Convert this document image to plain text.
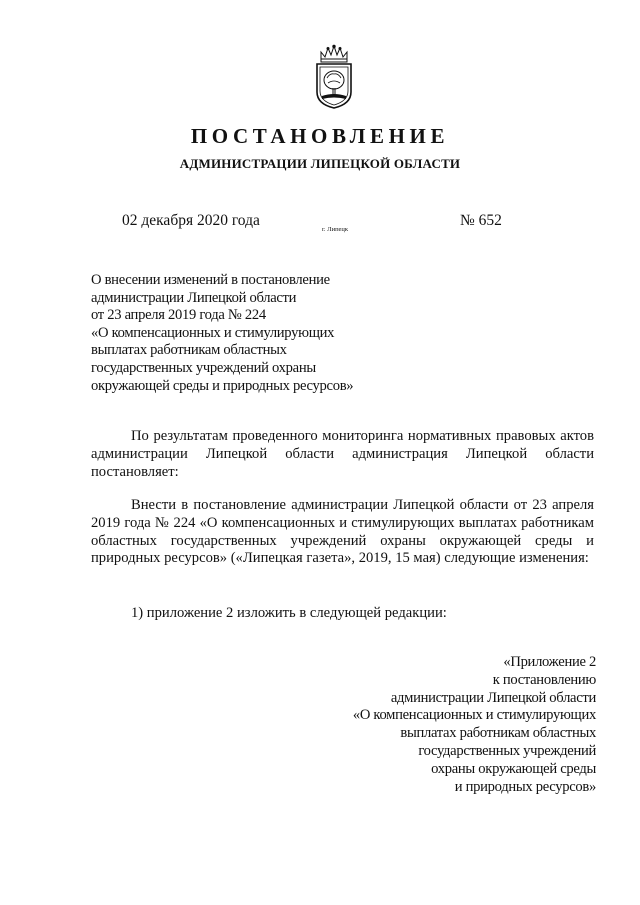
ПОСТАНОВЛЕНИЕ
АДМИНИСТРАЦИИ ЛИПЕЦКОЙ ОБЛАСТИ
02 декабря 2020 года
г. Липецк
№ 652
О внесении изменений в постановление
администрации Липецкой области
от 23 апреля 2019 года № 224
«О компенсационных и стимулирующих
выплатах работникам областных
государственных учреждений охраны
окружающей среды и природных ресурсов»
По результатам проведенного мониторинга нормативных правовых актов администрации Липецкой области администрация Липецкой области постановляет:
Внести в постановление администрации Липецкой области от 23 апреля 2019 года № 224 «О компенсационных и стимулирующих выплатах работникам областных государственных учреждений охраны окружающей среды и природных ресурсов» («Липецкая газета», 2019, 15 мая) следующие изменения:
1) приложение 2 изложить в следующей редакции:
«Приложение 2
к постановлению
администрации Липецкой области
«О компенсационных и стимулирующих
выплатах работникам областных
государственных учреждений
охраны окружающей среды
и природных ресурсов»
